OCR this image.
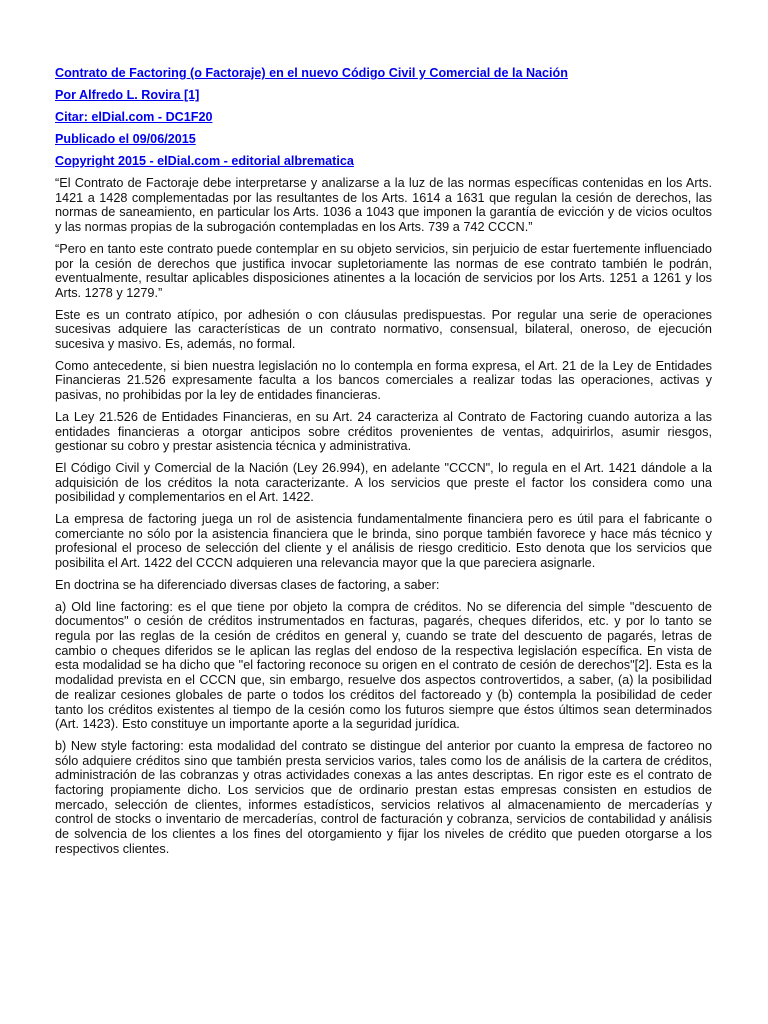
Contrato de Factoring (o Factoraje) en el nuevo Código Civil y Comercial de la Nación
Por Alfredo L. Rovira [1]
Citar: elDial.com - DC1F20
Publicado el 09/06/2015
Copyright 2015 - elDial.com - editorial albrematica

“El Contrato de Factoraje debe interpretarse y analizarse a la luz de las normas específicas contenidas en los Arts. 1421 a 1428 complementadas por las resultantes de los Arts. 1614 a 1631 que regulan la cesión de derechos, las normas de saneamiento, en particular los Arts. 1036 a 1043 que imponen la garantía de evicción y de vicios ocultos y las normas propias de la subrogación contempladas en los Arts. 739 a 742 CCCN.”

“Pero en tanto este contrato puede contemplar en su objeto servicios, sin perjuicio de estar fuertemente influenciado por la cesión de derechos que justifica invocar supletoriamente las normas de ese contrato también le podrán, eventualmente, resultar aplicables disposiciones atinentes a la locación de servicios por los Arts. 1251 a 1261 y los Arts. 1278 y 1279.”

Este es un contrato atípico, por adhesión o con cláusulas predispuestas. Por regular una serie de operaciones sucesivas adquiere las características de un contrato normativo, consensual, bilateral, oneroso, de ejecución sucesiva y masivo. Es, además, no formal.

Como antecedente, si bien nuestra legislación no lo contempla en forma expresa, el Art. 21 de la Ley de Entidades Financieras 21.526 expresamente faculta a los bancos comerciales a realizar todas las operaciones, activas y pasivas, no prohibidas por la ley de entidades financieras.

La Ley 21.526 de Entidades Financieras, en su Art. 24 caracteriza al Contrato de Factoring cuando autoriza a las entidades financieras a otorgar anticipos sobre créditos provenientes de ventas, adquirirlos, asumir riesgos, gestionar su cobro y prestar asistencia técnica y administrativa.

El Código Civil y Comercial de la Nación (Ley 26.994), en adelante "CCCN", lo regula en el Art. 1421 dándole a la adquisición de los créditos la nota caracterizante. A los servicios que preste el factor los considera como una posibilidad y complementarios en el Art. 1422.

La empresa de factoring juega un rol de asistencia fundamentalmente financiera pero es útil para el fabricante o comerciante no sólo por la asistencia financiera que le brinda, sino porque también favorece y hace más técnico y profesional el proceso de selección del cliente y el análisis de riesgo crediticio. Esto denota que los servicios que posibilita el Art. 1422 del CCCN adquieren una relevancia mayor que la que pareciera asignarle.

En doctrina se ha diferenciado diversas clases de factoring, a saber:

a) Old line factoring: es el que tiene por objeto la compra de créditos. No se diferencia del simple "descuento de documentos" o cesión de créditos instrumentados en facturas, pagarés, cheques diferidos, etc. y por lo tanto se regula por las reglas de la cesión de créditos en general y, cuando se trate del descuento de pagarés, letras de cambio o cheques diferidos se le aplican las reglas del endoso de la respectiva legislación específica. En vista de esta modalidad se ha dicho que "el factoring reconoce su origen en el contrato de cesión de derechos"[2]. Esta es la modalidad prevista en el CCCN que, sin embargo, resuelve dos aspectos controvertidos, a saber, (a) la posibilidad de realizar cesiones globales de parte o todos los créditos del factoreado y (b) contempla la posibilidad de ceder tanto los créditos existentes al tiempo de la cesión como los futuros siempre que éstos últimos sean determinados (Art. 1423). Esto constituye un importante aporte a la seguridad jurídica.

b) New style factoring: esta modalidad del contrato se distingue del anterior por cuanto la empresa de factoreo no sólo adquiere créditos sino que también presta servicios varios, tales como los de análisis de la cartera de créditos, administración de las cobranzas y otras actividades conexas a las antes descriptas. En rigor este es el contrato de factoring propiamente dicho. Los servicios que de ordinario prestan estas empresas consisten en estudios de mercado, selección de clientes, informes estadísticos, servicios relativos al almacenamiento de mercaderías y control de stocks o inventario de mercaderías, control de facturación y cobranza, servicios de contabilidad y análisis de solvencia de los clientes a los fines del otorgamiento y fijar los niveles de crédito que pueden otorgarse a los respectivos clientes.
